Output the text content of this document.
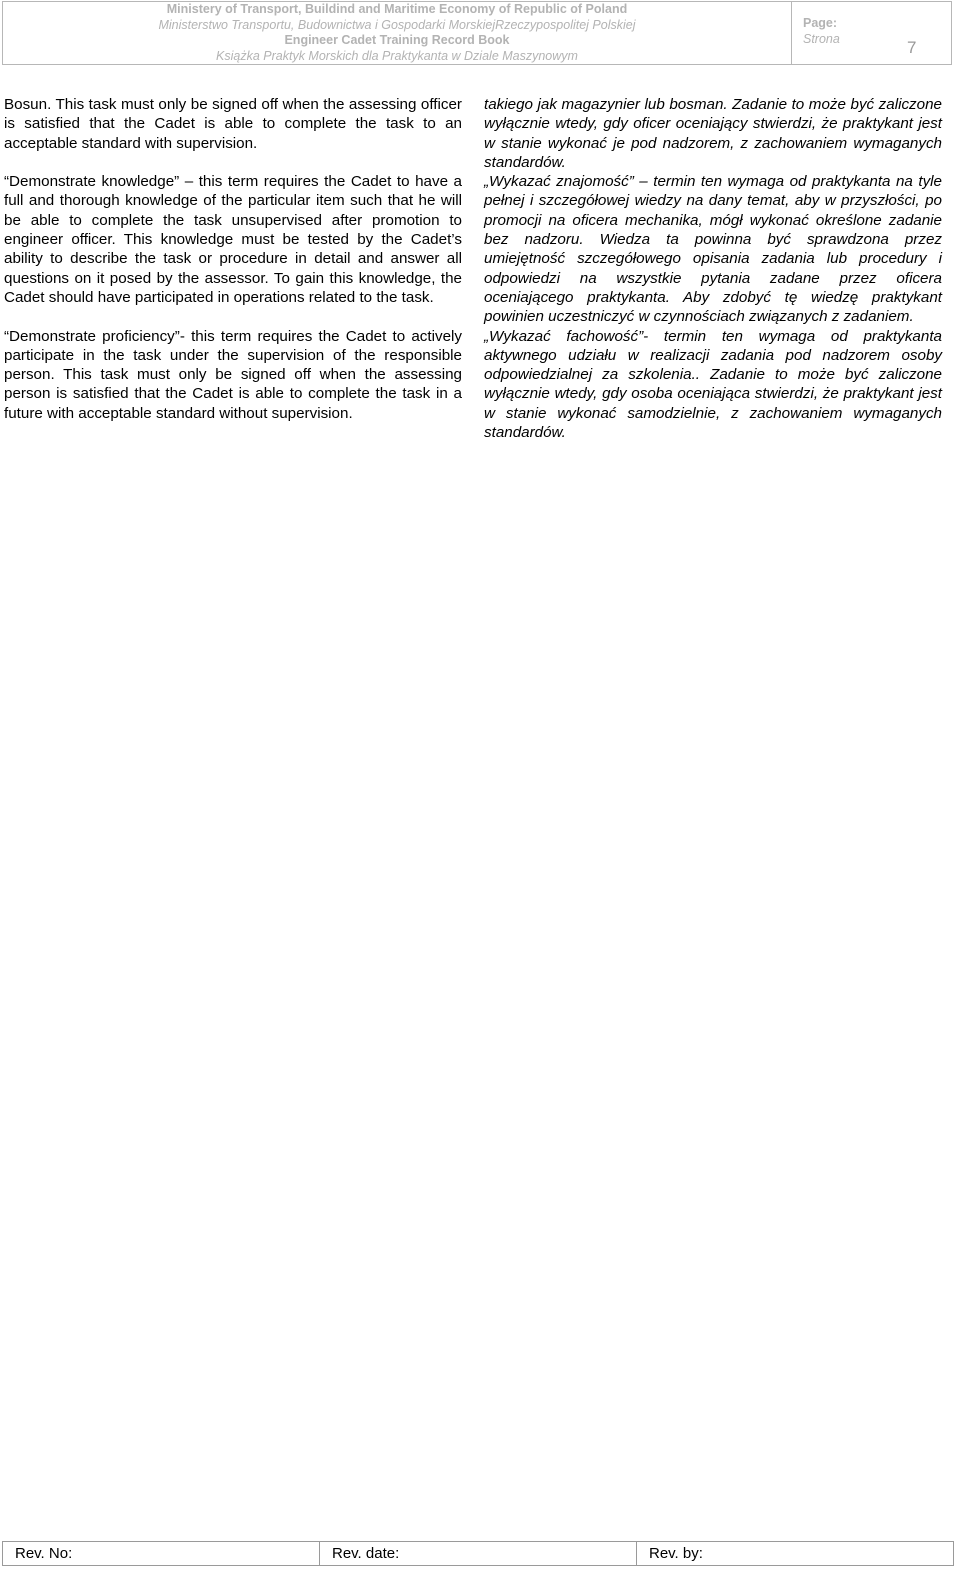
Ministery of Transport, Buildind and Maritime Economy of Republic of Poland
Ministerstwo Transportu, Budownictwa i Gospodarki MorskiejRzeczypospolitej Polskiej
Engineer Cadet Training Record Book
Książka Praktyk Morskich dla Praktykanta w Dziale Maszynowym
Page:
Strona	7

Bosun. This task must only be signed off when the assessing officer is satisfied that the Cadet is able to complete the task to an acceptable standard with supervision.

“Demonstrate knowledge” – this term requires the Cadet to have a full and thorough knowledge of the particular item such that he will be able to complete the task unsupervised after promotion to engineer officer. This knowledge must be tested by the Cadet’s ability to describe the task or procedure in detail and answer all questions on it posed by the assessor. To gain this knowledge, the Cadet should have participated in operations related to the task.

“Demonstrate proficiency”- this term requires the Cadet to actively participate in the task under the supervision of the responsible person. This task must only be signed off when the assessing person is satisfied that the Cadet is able to complete the task in a future with acceptable standard without supervision.

takiego jak magazynier lub bosman. Zadanie to może być zaliczone wyłącznie wtedy, gdy oficer oceniający stwierdzi, że praktykant jest w stanie wykonać je pod nadzorem, z zachowaniem wymaganych standardów.

„Wykazać znajomość” – termin ten wymaga od praktykanta na tyle pełnej i szczegółowej wiedzy na dany temat, aby w przyszłości, po promocji na oficera mechanika, mógł wykonać określone zadanie bez nadzoru. Wiedza ta powinna być sprawdzona przez umiejętność szczegółowego opisania zadania lub procedury i odpowiedzi na wszystkie pytania zadane przez oficera oceniającego praktykanta. Aby zdobyć tę wiedzę praktykant powinien uczestniczyć w czynnościach związanych z zadaniem.

„Wykazać fachowość”- termin ten wymaga od praktykanta aktywnego udziału w realizacji zadania pod nadzorem osoby odpowiedzialnej za szkolenia.. Zadanie to może być zaliczone wyłącznie wtedy, gdy osoba oceniająca stwierdzi, że praktykant jest w stanie wykonać samodzielnie, z zachowaniem wymaganych standardów.

Rev. No:	Rev. date:	Rev. by:
